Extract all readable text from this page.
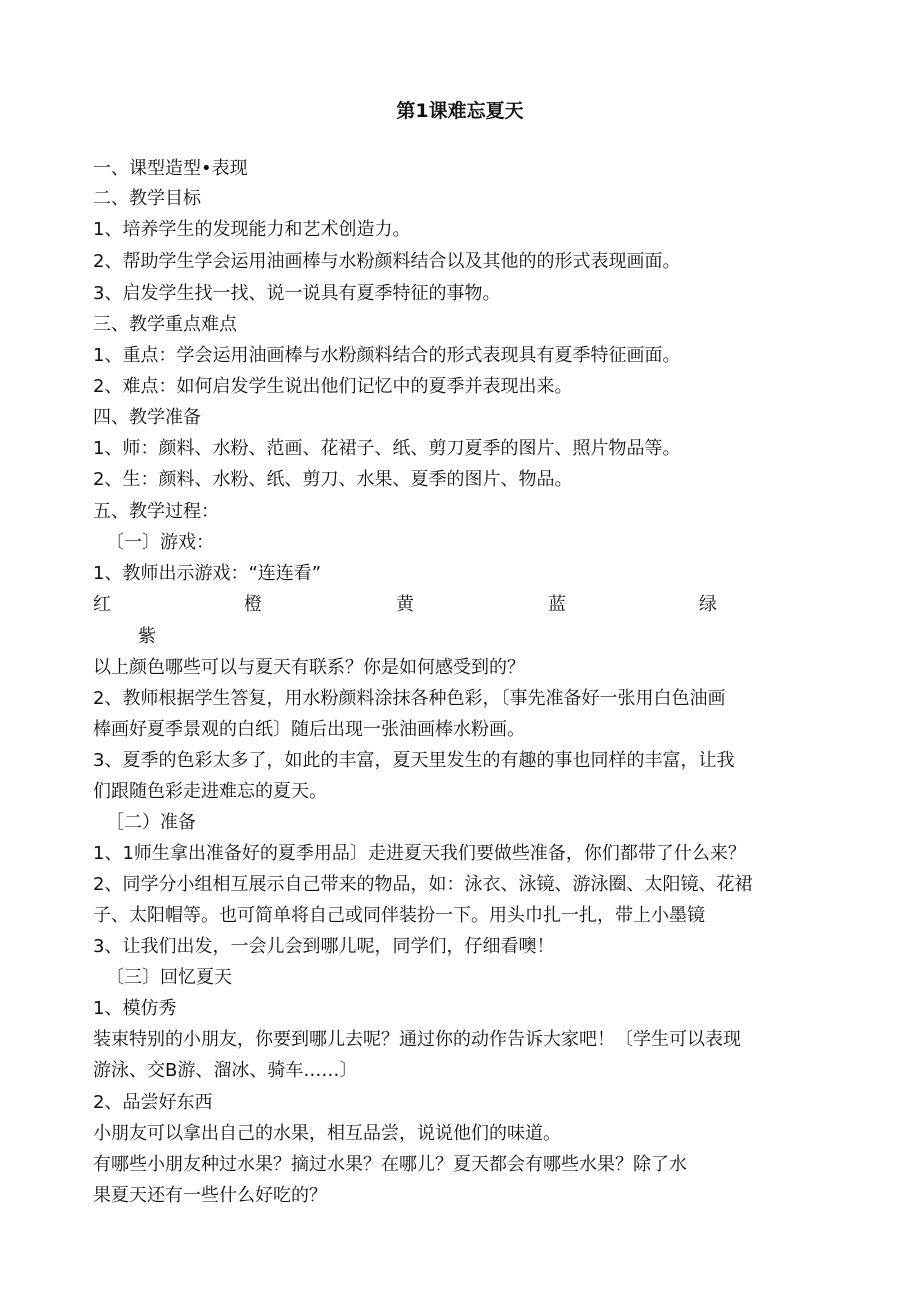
第1课难忘夏天
一、课型造型•表现
二、教学目标
1、培养学生的发现能力和艺术创造力。
2、帮助学生学会运用油画棒与水粉颜料结合以及其他的的形式表现画面。
3、启发学生找一找、说一说具有夏季特征的事物。
三、教学重点难点
1、重点：学会运用油画棒与水粉颜料结合的形式表现具有夏季特征画面。
2、难点：如何启发学生说出他们记忆中的夏季并表现出来。
四、教学准备
1、师：颜料、水粉、范画、花裙子、纸、剪刀夏季的图片、照片物品等。
2、生：颜料、水粉、纸、剪刀、水果、夏季的图片、物品。
五、教学过程：
〔一〕游戏：
1、教师出示游戏：“连连看”
红	橙	黄	蓝	绿
紫
以上颜色哪些可以与夏天有联系？你是如何感受到的？
2、教师根据学生答复，用水粉颜料涂抹各种色彩，〔事先准备好一张用白色油画
棒画好夏季景观的白纸〕随后出现一张油画棒水粉画。
3、夏季的色彩太多了，如此的丰富，夏天里发生的有趣的事也同样的丰富，让我
们跟随色彩走进难忘的夏天。
［二）准备
1、1师生拿出准备好的夏季用品〕走进夏天我们要做些准备，你们都带了什么来？
2、同学分小组相互展示自己带来的物品，如：泳衣、泳镜、游泳圈、太阳镜、花裙
子、太阳帽等。也可简单将自己或同伴装扮一下。用头巾扎一扎，带上小墨镜
3、让我们出发，一会儿会到哪儿呢，同学们，仔细看噢！
〔三〕回忆夏天
1、模仿秀
装束特别的小朋友，你要到哪儿去呢？通过你的动作告诉大家吧！〔学生可以表现
游泳、交B游、溜冰、骑车……〕
2、品尝好东西
小朋友可以拿出自己的水果，相互品尝，说说他们的味道。
有哪些小朋友种过水果？摘过水果？在哪儿？夏天都会有哪些水果？除了水
果夏天还有一些什么好吃的？
